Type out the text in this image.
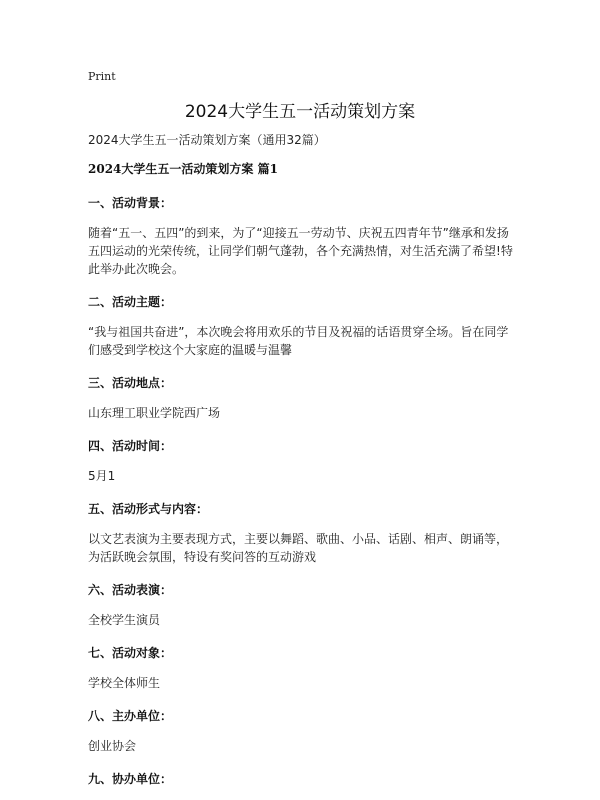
Print
2024大学生五一活动策划方案
2024大学生五一活动策划方案（通用32篇）
2024大学生五一活动策划方案 篇1
一、活动背景：
随着“五一、五四”的到来，为了“迎接五一劳动节、庆祝五四青年节”继承和发扬五四运动的光荣传统，让同学们朝气蓬勃，各个充满热情，对生活充满了希望!特此举办此次晚会。
二、活动主题：
“我与祖国共奋进”，本次晚会将用欢乐的节目及祝福的话语贯穿全场。旨在同学们感受到学校这个大家庭的温暖与温馨
三、活动地点：
山东理工职业学院西广场
四、活动时间：
5月1
五、活动形式与内容：
以文艺表演为主要表现方式，主要以舞蹈、歌曲、小品、话剧、相声、朗诵等，为活跃晚会氛围，特设有奖问答的互动游戏
六、活动表演：
全校学生演员
七、活动对象：
学校全体师生
八、主办单位：
创业协会
九、协办单位：
